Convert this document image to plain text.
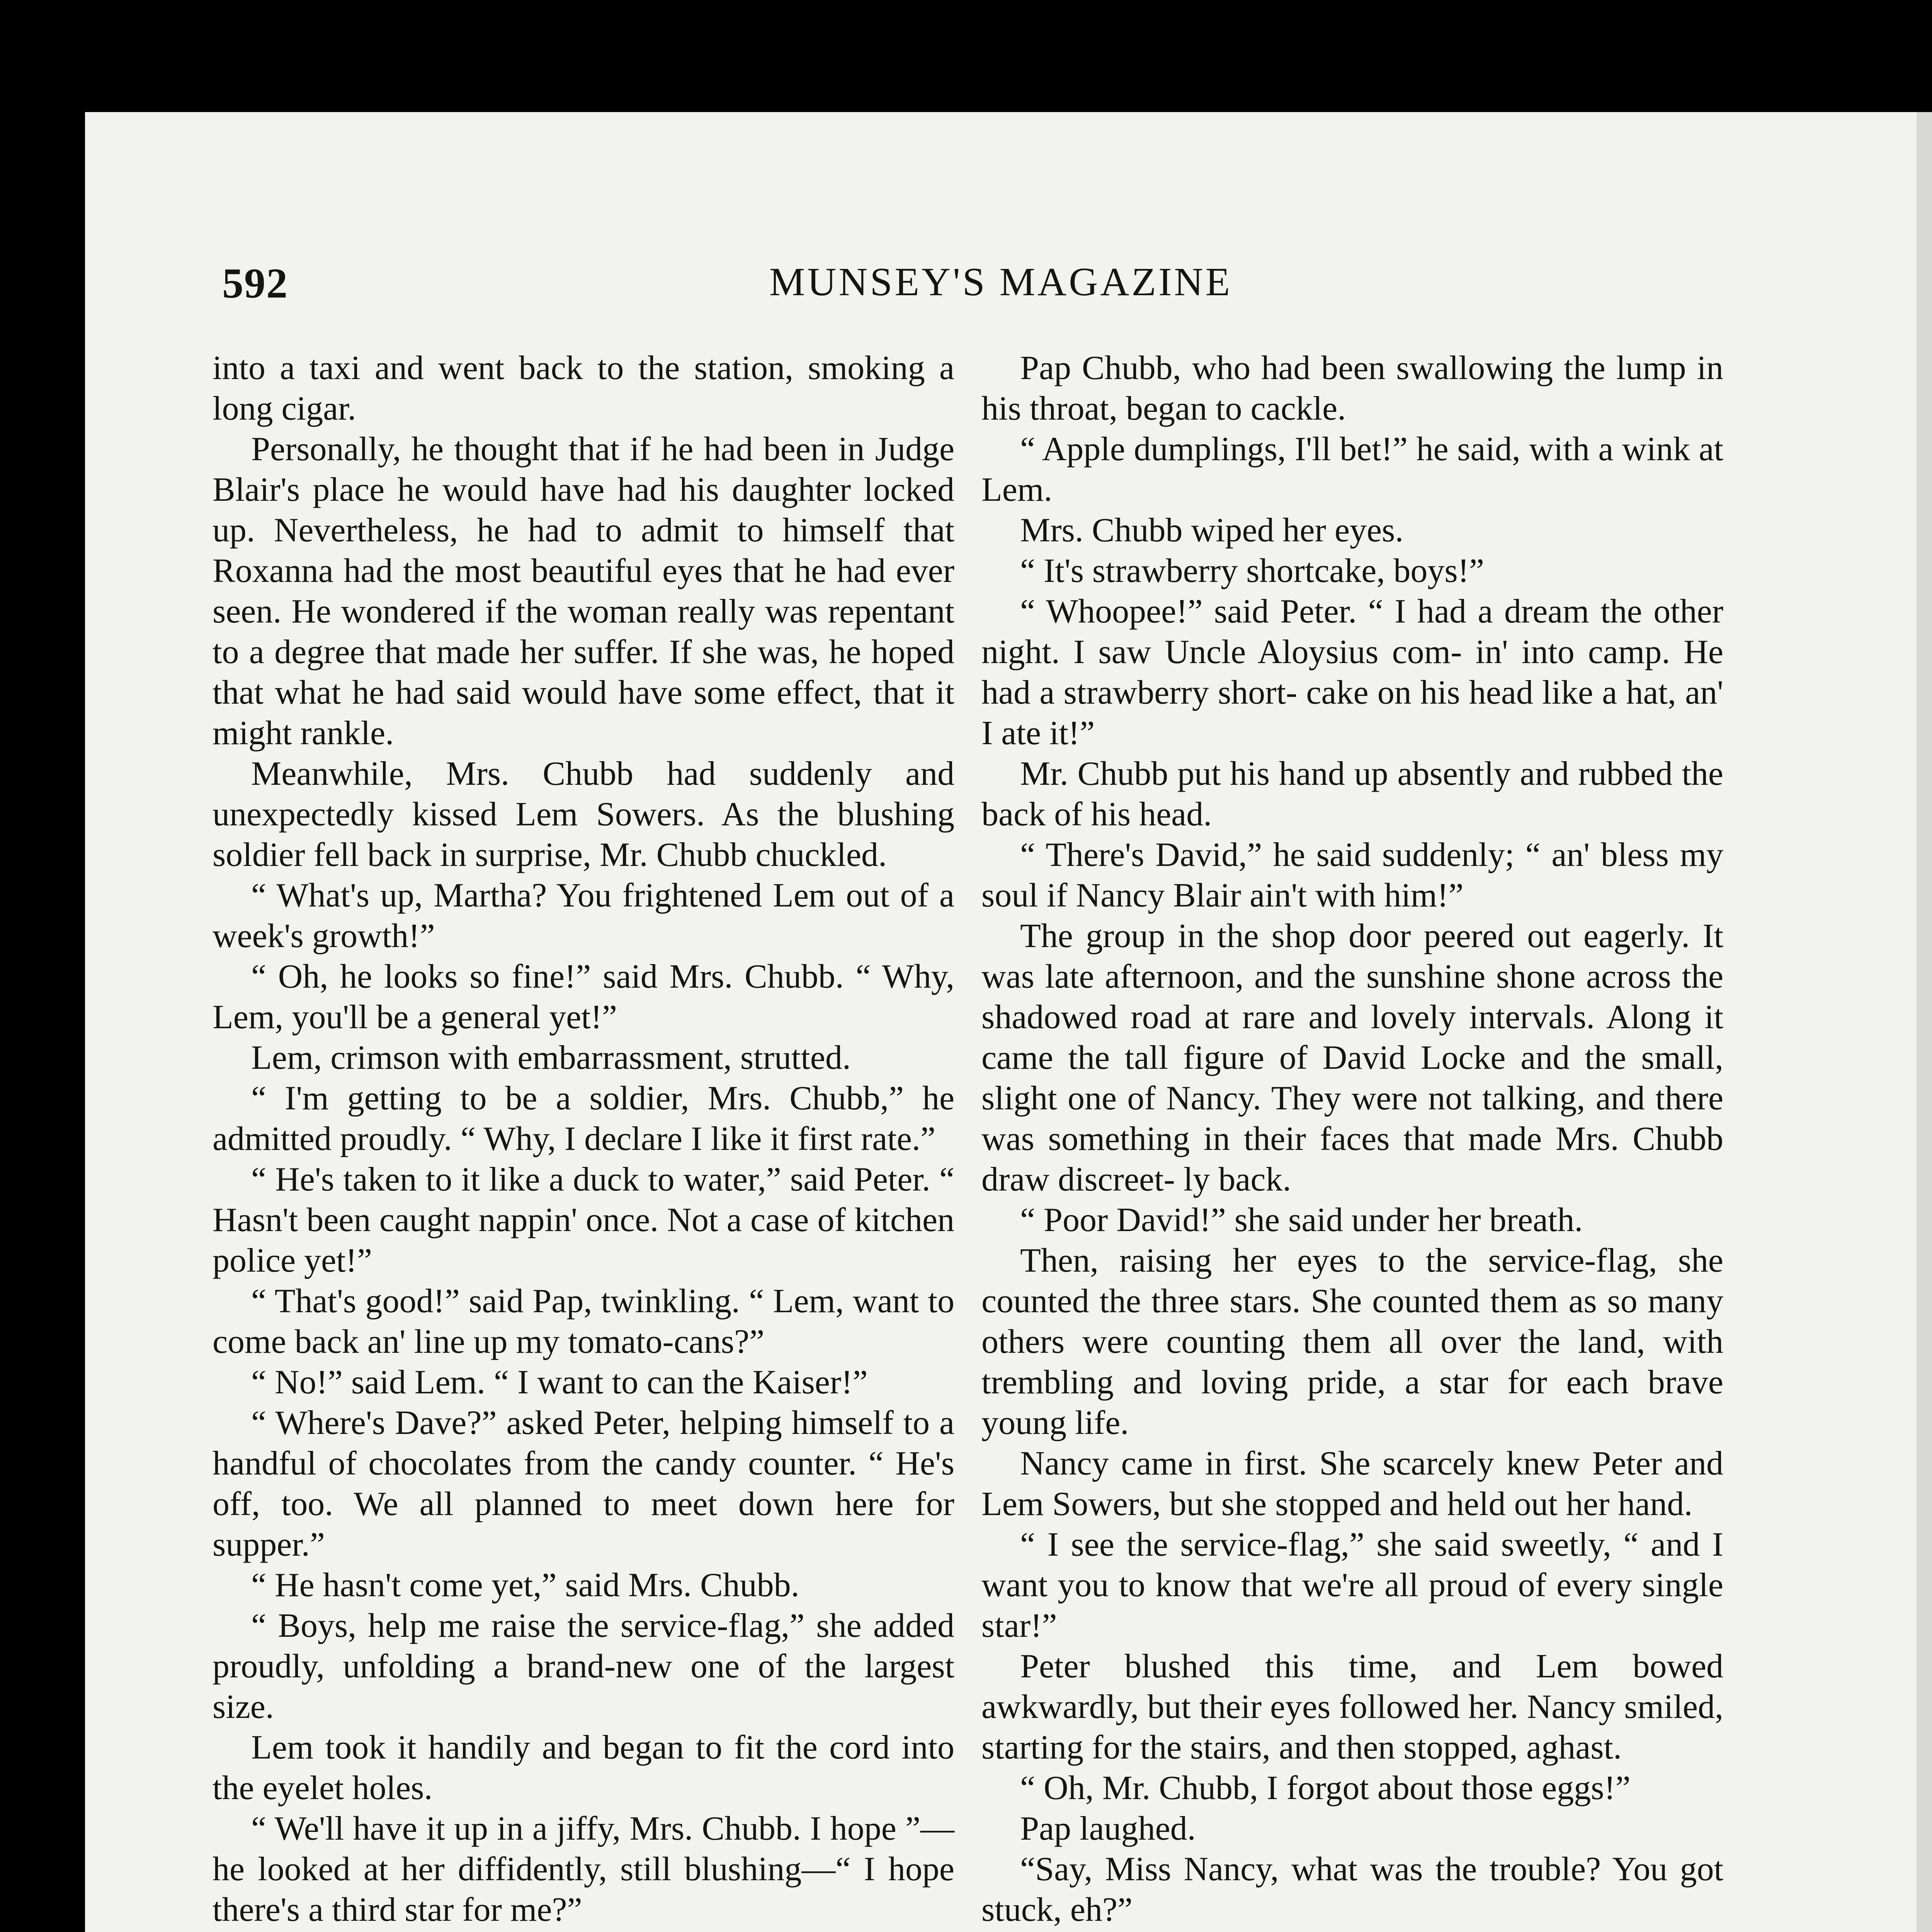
592	MUNSEY'S MAGAZINE

into a taxi and went back to the station, smoking a long cigar.

Personally, he thought that if he had been in Judge Blair's place he would have had his daughter locked up. Nevertheless, he had to admit to himself that Roxanna had the most beautiful eyes that he had ever seen. He wondered if the woman really was repentant to a degree that made her suffer. If she was, he hoped that what he had said would have some effect, that it might rankle.

Meanwhile, Mrs. Chubb had suddenly and unexpectedly kissed Lem Sowers. As the blushing soldier fell back in surprise, Mr. Chubb chuckled.

“ What's up, Martha? You frightened Lem out of a week's growth!”

“ Oh, he looks so fine!” said Mrs. Chubb. “ Why, Lem, you'll be a general yet!”

Lem, crimson with embarrassment, strutted.

“ I'm getting to be a soldier, Mrs. Chubb,” he admitted proudly. “ Why, I declare I like it first rate.”

“ He's taken to it like a duck to water,” said Peter. “ Hasn't been caught nappin' once. Not a case of kitchen police yet!”

“ That's good!” said Pap, twinkling. “ Lem, want to come back an' line up my tomato-cans?”

“ No!” said Lem. “ I want to can the Kaiser!”

“ Where's Dave?” asked Peter, helping himself to a handful of chocolates from the candy counter. “ He's off, too. We all planned to meet down here for supper.”

“ He hasn't come yet,” said Mrs. Chubb.

“ Boys, help me raise the service-flag,” she added proudly, unfolding a brand-new one of the largest size.

Lem took it handily and began to fit the cord into the eyelet holes.

“ We'll have it up in a jiffy, Mrs. Chubb. I hope ”—he looked at her diffidently, still blushing—“ I hope there's a third star for me?”

Pap Chubb, who had been swallowing the lump in his throat, began to cackle.

“ Apple dumplings, I'll bet!” he said, with a wink at Lem.

Mrs. Chubb wiped her eyes.

“ It's strawberry shortcake, boys!”

“ Whoopee!” said Peter. “ I had a dream the other night. I saw Uncle Aloysius com- in' into camp. He had a strawberry short- cake on his head like a hat, an' I ate it!”

Mr. Chubb put his hand up absently and rubbed the back of his head.

“ There's David,” he said suddenly; “ an' bless my soul if Nancy Blair ain't with him!”

The group in the shop door peered out eagerly. It was late afternoon, and the sunshine shone across the shadowed road at rare and lovely intervals. Along it came the tall figure of David Locke and the small, slight one of Nancy. They were not talking, and there was something in their faces that made Mrs. Chubb draw discreet- ly back.

“ Poor David!” she said under her breath.

Then, raising her eyes to the service-flag, she counted the three stars. She counted them as so many others were counting them all over the land, with trembling and loving pride, a star for each brave young life.

Nancy came in first. She scarcely knew Peter and Lem Sowers, but she stopped and held out her hand.

“ I see the service-flag,” she said sweetly, “ and I want you to know that we're all proud of every single star!”

Peter blushed this time, and Lem bowed awkwardly, but their eyes followed her. Nancy smiled, starting for the stairs, and then stopped, aghast.

“ Oh, Mr. Chubb, I forgot about those eggs!”

Pap laughed.

“Say, Miss Nancy, what was the trouble? You got stuck, eh?”
